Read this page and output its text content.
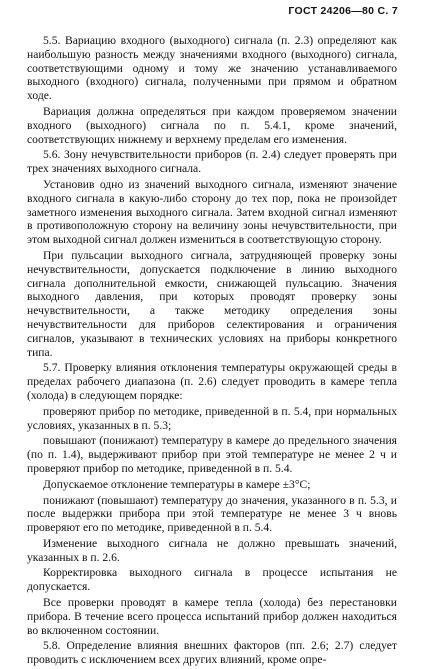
ГОСТ 24206—80 С. 7

5.5. Вариацию входного (выходного) сигнала (п. 2.3) определяют как наибольшую разность между значениями входного (выходного) сигнала, соответствующими одному и тому же значению устанавливаемого выходного (входного) сигнала, полученными при прямом и обратном ходе.

Вариация должна определяться при каждом проверяемом значении входного (выходного) сигнала по п. 5.4.1, кроме значений, соответствующих нижнему и верхнему пределам его изменения.

5.6. Зону нечувствительности приборов (п. 2.4) следует проверять при трех значениях выходного сигнала.

Установив одно из значений выходного сигнала, изменяют значение входного сигнала в какую-либо сторону до тех пор, пока не произойдет заметного изменения выходного сигнала. Затем входной сигнал изменяют в противоположную сторону на величину зоны нечувствительности, при этом выходной сигнал должен измениться в соответствующую сторону.

При пульсации выходного сигнала, затрудняющей проверку зоны нечувствительности, допускается подключение в линию выходного сигнала дополнительной емкости, снижающей пульсацию. Значения выходного давления, при которых проводят проверку зоны нечувствительности, а также методику определения зоны нечувствительности для приборов селектирования и ограничения сигналов, указывают в технических условиях на приборы конкретного типа.

5.7. Проверку влияния отклонения температуры окружающей среды в пределах рабочего диапазона (п. 2.6) следует проводить в камере тепла (холода) в следующем порядке:

проверяют прибор по методике, приведенной в п. 5.4, при нормальных условиях, указанных в п. 5.3;

повышают (понижают) температуру в камере до предельного значения (по п. 1.4), выдерживают прибор при этой температуре не менее 2 ч и проверяют прибор по методике, приведенной в п. 5.4.

Допускаемое отклонение температуры в камере ±3°С;

понижают (повышают) температуру до значения, указанного в п. 5.3, и после выдержки прибора при этой температуре не менее 3 ч вновь проверяют его по методике, приведенной в п. 5.4.

Изменение выходного сигнала не должно превышать значений, указанных в п. 2.6.

Корректировка выходного сигнала в процессе испытания не допускается.

Все проверки проводят в камере тепла (холода) без перестановки прибора. В течение всего процесса испытаний прибор должен находиться во включенном состоянии.

5.8. Определение влияния внешних факторов (пп. 2.6; 2.7) следует проводить с исключением всех других влияний, кроме опре-
